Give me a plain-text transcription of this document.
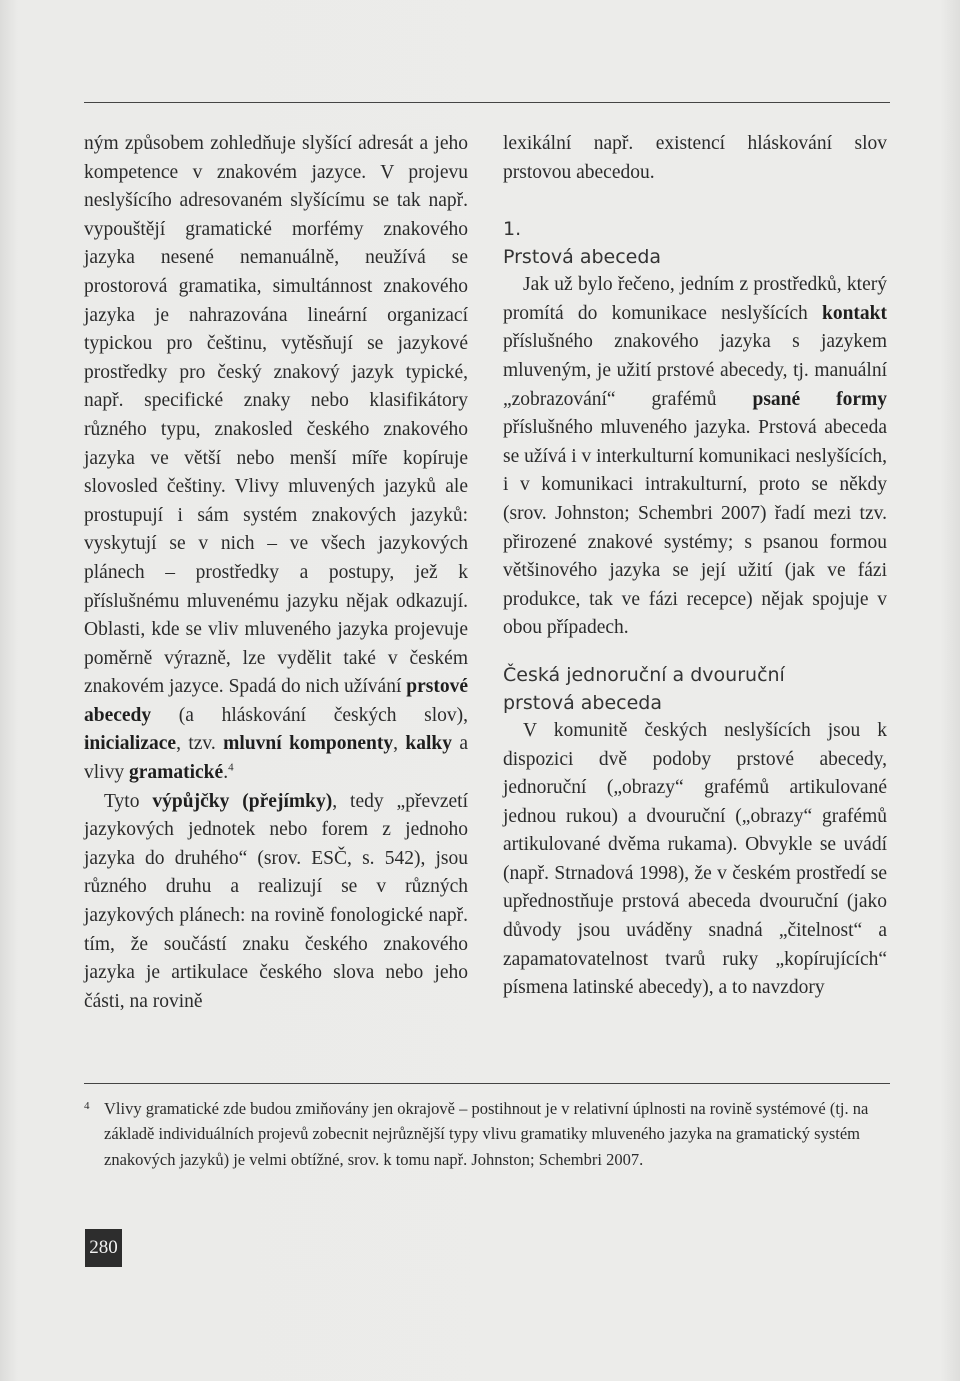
ným způsobem zohledňuje slyšící adresát a jeho kompetence v znakovém jazyce. V projevu neslyšícího adresovaném slyšícímu se tak např. vypouštějí gramatické morfémy znakového jazyka nesené nemanuálně, neužívá se prostorová gramatika, simultánnost znakového jazyka je nahrazována lineární organizací typickou pro češtinu, vytěsňují se jazykové prostředky pro český znakový jazyk typické, např. specifické znaky nebo klasifikátory různého typu, znakosled českého znakového jazyka ve větší nebo menší míře kopíruje slovosled češtiny. Vlivy mluvených jazyků ale prostupují i sám systém znakových jazyků: vyskytují se v nich – ve všech jazykových plánech – prostředky a postupy, jež k příslušnému mluvenému jazyku nějak odkazují. Oblasti, kde se vliv mluveného jazyka projevuje poměrně výrazně, lze vydělit také v českém znakovém jazyce. Spadá do nich užívání prstové abecedy (a hláskování českých slov), inicializace, tzv. mluvní komponenty, kalky a vlivy gramatické.$^4$

Tyto výpůjčky (přejímky), tedy „převzetí jazykových jednotek nebo forem z jednoho jazyka do druhého“ (srov. ESČ, s. 542), jsou různého druhu a realizují se v různých jazykových plánech: na rovině fonologické např. tím, že součástí znaku českého znakového jazyka je artikulace českého slova nebo jeho části, na rovině

lexikální např. existencí hláskování slov prstovou abecedou.

1.
Prstová abeceda

Jak už bylo řečeno, jedním z prostředků, který promítá do komunikace neslyšících kontakt příslušného znakového jazyka s jazykem mluveným, je užití prstové abecedy, tj. manuální „zobrazování“ grafémů psané formy příslušného mluveného jazyka. Prstová abeceda se užívá i v interkulturní komunikaci neslyšících, i v komunikaci intrakulturní, proto se někdy (srov. Johnston; Schembri 2007) řadí mezi tzv. přirozené znakové systémy; s psanou formou většinového jazyka se její užití (jak ve fázi produkce, tak ve fázi recepce) nějak spojuje v obou případech.

Česká jednoruční a dvouruční
prstová abeceda

V komunitě českých neslyšících jsou k dispozici dvě podoby prstové abecedy, jednoruční („obrazy“ grafémů artikulované jednou rukou) a dvouruční („obrazy“ grafémů artikulované dvěma rukama). Obvykle se uvádí (např. Strnadová 1998), že v českém prostředí se upřednostňuje prstová abeceda dvouruční (jako důvody jsou uváděny snadná „čitelnost“ a zapamatovatelnost tvarů ruky „kopírujících“ písmena latinské abecedy), a to navzdory

4 Vlivy gramatické zde budou zmiňovány jen okrajově – postihnout je v relativní úplnosti na rovině systémové (tj. na základě individuálních projevů zobecnit nejrůznější typy vlivu gramatiky mluveného jazyka na gramatický systém znakových jazyků) je velmi obtížné, srov. k tomu např. Johnston; Schembri 2007.
280
